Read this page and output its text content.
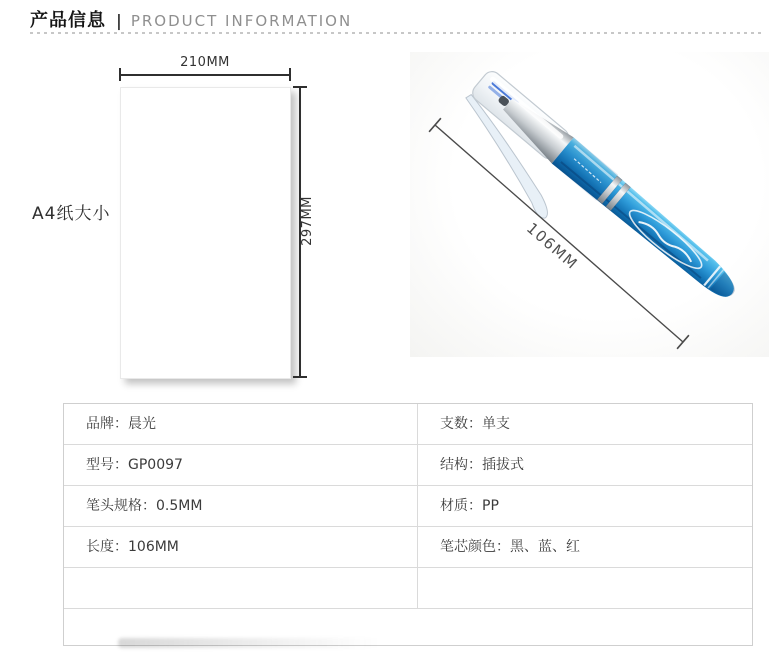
产品信息 | PRODUCT INFORMATION
210MM
297MM
A4纸大小
106MM
品牌：晨光	支数：单支
型号：GP0097	结构：插拔式
笔头规格：0.5MM	材质：PP
长度：106MM	笔芯颜色：黑、蓝、红
